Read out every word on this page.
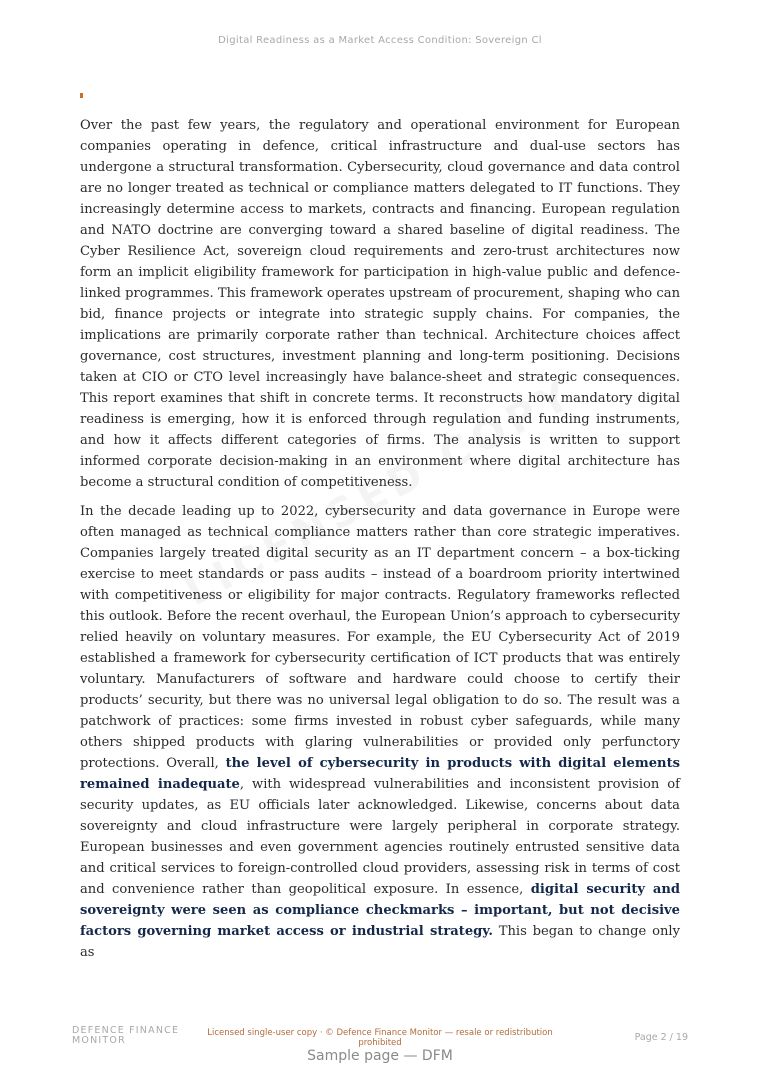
Digital Readiness as a Market Access Condition: Sovereign Cl

Over the past few years, the regulatory and operational environment for European companies operating in defence, critical infrastructure and dual-use sectors has undergone a structural transformation. Cybersecurity, cloud governance and data control are no longer treated as technical or compliance matters delegated to IT functions. They increasingly determine access to markets, contracts and financing. European regulation and NATO doctrine are converging toward a shared baseline of digital readiness. The Cyber Resilience Act, sovereign cloud requirements and zero-trust architectures now form an implicit eligibility framework for participation in high-value public and defence-linked programmes. This framework operates upstream of procurement, shaping who can bid, finance projects or integrate into strategic supply chains. For companies, the implications are primarily corporate rather than technical. Architecture choices affect governance, cost structures, investment planning and long-term positioning. Decisions taken at CIO or CTO level increasingly have balance-sheet and strategic consequences. This report examines that shift in concrete terms. It reconstructs how mandatory digital readiness is emerging, how it is enforced through regulation and funding instruments, and how it affects different categories of firms. The analysis is written to support informed corporate decision-making in an environment where digital architecture has become a structural condition of competitiveness.

In the decade leading up to 2022, cybersecurity and data governance in Europe were often managed as technical compliance matters rather than core strategic imperatives. Companies largely treated digital security as an IT department concern – a box-ticking exercise to meet standards or pass audits – instead of a boardroom priority intertwined with competitiveness or eligibility for major contracts. Regulatory frameworks reflected this outlook. Before the recent overhaul, the European Union’s approach to cybersecurity relied heavily on voluntary measures. For example, the EU Cybersecurity Act of 2019 established a framework for cybersecurity certification of ICT products that was entirely voluntary. Manufacturers of software and hardware could choose to certify their products’ security, but there was no universal legal obligation to do so. The result was a patchwork of practices: some firms invested in robust cyber safeguards, while many others shipped products with glaring vulnerabilities or provided only perfunctory protections. Overall, the level of cybersecurity in products with digital elements remained inadequate, with widespread vulnerabilities and inconsistent provision of security updates, as EU officials later acknowledged. Likewise, concerns about data sovereignty and cloud infrastructure were largely peripheral in corporate strategy. European businesses and even government agencies routinely entrusted sensitive data and critical services to foreign-controlled cloud providers, assessing risk in terms of cost and convenience rather than geopolitical exposure. In essence, digital security and sovereignty were seen as compliance checkmarks – important, but not decisive factors governing market access or industrial strategy. This began to change only as

DEFENCE FINANCE
MONITOR
Licensed single-user copy · © Defence Finance Monitor — resale or redistribution
prohibited	Page 2 / 19
Sample page — DFM
